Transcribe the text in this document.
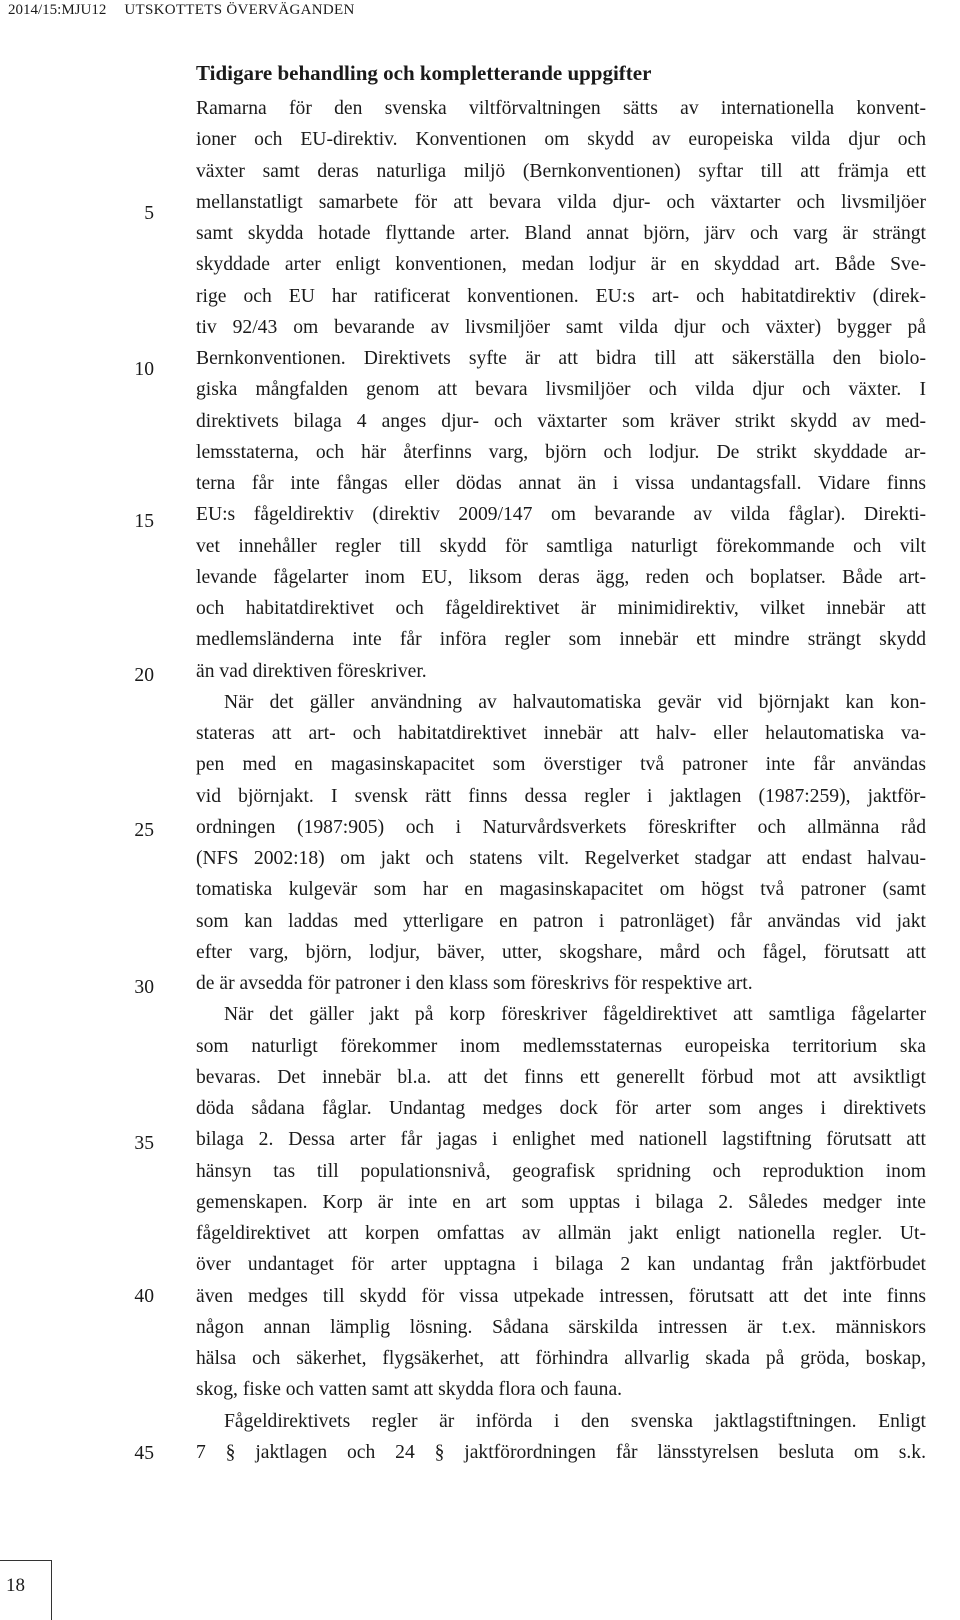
2014/15:MJU12 UTSKOTTETS ÖVERVÄGANDEN
Tidigare behandling och kompletterande uppgifter
5
10
15
20
25
30
35
40
45
Ramarna för den svenska viltförvaltningen sätts av internationella konvent-
ioner och EU-direktiv. Konventionen om skydd av europeiska vilda djur och
växter samt deras naturliga miljö (Bernkonventionen) syftar till att främja ett
mellanstatligt samarbete för att bevara vilda djur- och växtarter och livsmiljöer
samt skydda hotade flyttande arter. Bland annat björn, järv och varg är strängt
skyddade arter enligt konventionen, medan lodjur är en skyddad art. Både Sve-
rige och EU har ratificerat konventionen. EU:s art- och habitatdirektiv (direk-
tiv 92/43 om bevarande av livsmiljöer samt vilda djur och växter) bygger på
Bernkonventionen. Direktivets syfte är att bidra till att säkerställa den biolo-
giska mångfalden genom att bevara livsmiljöer och vilda djur och växter. I
direktivets bilaga 4 anges djur- och växtarter som kräver strikt skydd av med-
lemsstaterna, och här återfinns varg, björn och lodjur. De strikt skyddade ar-
terna får inte fångas eller dödas annat än i vissa undantagsfall. Vidare finns
EU:s fågeldirektiv (direktiv 2009/147 om bevarande av vilda fåglar). Direkti-
vet innehåller regler till skydd för samtliga naturligt förekommande och vilt
levande fågelarter inom EU, liksom deras ägg, reden och boplatser. Både art-
och habitatdirektivet och fågeldirektivet är minimidirektiv, vilket innebär att
medlemsländerna inte får införa regler som innebär ett mindre strängt skydd
än vad direktiven föreskriver.
När det gäller användning av halvautomatiska gevär vid björnjakt kan kon-
stateras att art- och habitatdirektivet innebär att halv- eller helautomatiska va-
pen med en magasinskapacitet som överstiger två patroner inte får användas
vid björnjakt. I svensk rätt finns dessa regler i jaktlagen (1987:259), jaktför-
ordningen (1987:905) och i Naturvårdsverkets föreskrifter och allmänna råd
(NFS 2002:18) om jakt och statens vilt. Regelverket stadgar att endast halvau-
tomatiska kulgevär som har en magasinskapacitet om högst två patroner (samt
som kan laddas med ytterligare en patron i patronläget) får användas vid jakt
efter varg, björn, lodjur, bäver, utter, skogshare, mård och fågel, förutsatt att
de är avsedda för patroner i den klass som föreskrivs för respektive art.
När det gäller jakt på korp föreskriver fågeldirektivet att samtliga fågelarter
som naturligt förekommer inom medlemsstaternas europeiska territorium ska
bevaras. Det innebär bl.a. att det finns ett generellt förbud mot att avsiktligt
döda sådana fåglar. Undantag medges dock för arter som anges i direktivets
bilaga 2. Dessa arter får jagas i enlighet med nationell lagstiftning förutsatt att
hänsyn tas till populationsnivå, geografisk spridning och reproduktion inom
gemenskapen. Korp är inte en art som upptas i bilaga 2. Således medger inte
fågeldirektivet att korpen omfattas av allmän jakt enligt nationella regler. Ut-
över undantaget för arter upptagna i bilaga 2 kan undantag från jaktförbudet
även medges till skydd för vissa utpekade intressen, förutsatt att det inte finns
någon annan lämplig lösning. Sådana särskilda intressen är t.ex. människors
hälsa och säkerhet, flygsäkerhet, att förhindra allvarlig skada på gröda, boskap,
skog, fiske och vatten samt att skydda flora och fauna.
Fågeldirektivets regler är införda i den svenska jaktlagstiftningen. Enligt
7 § jaktlagen och 24 § jaktförordningen får länsstyrelsen besluta om s.k.
18
